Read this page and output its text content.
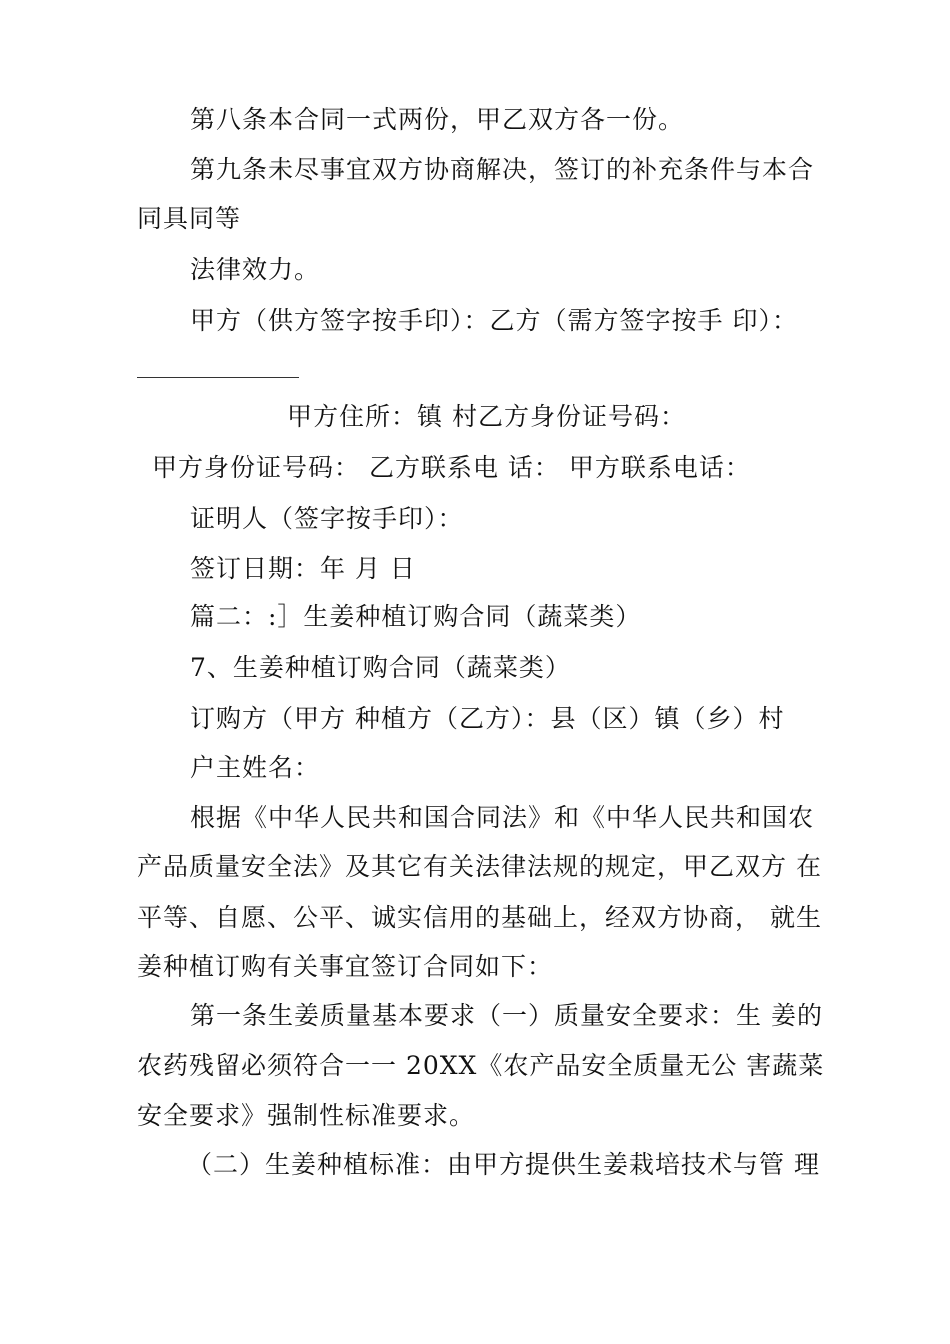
第八条本合同一式两份，甲乙双方各一份。
第九条未尽事宜双方协商解决，签订的补充条件与本合
同具同等
法律效力。
甲方（供方签字按手印）：乙方（需方签字按手 印）：
甲方住所：镇 村乙方身份证号码：
甲方身份证号码： 乙方联系电 话： 甲方联系电话：
证明人（签字按手印）：
签订日期：年 月 日
篇二：:］生姜种植订购合同（蔬菜类）
7、生姜种植订购合同（蔬菜类）
订购方（甲方 种植方（乙方）：县（区）镇（乡）村
户主姓名：
根据《中华人民共和国合同法》和《中华人民共和国农
产品质量安全法》及其它有关法律法规的规定，甲乙双方 在
平等、自愿、公平、诚实信用的基础上，经双方协商， 就生
姜种植订购有关事宜签订合同如下：
第一条生姜质量基本要求（一）质量安全要求：生 姜的
农药残留必须符合一一 20XX《农产品安全质量无公 害蔬菜
安全要求》强制性标准要求。
（二）生姜种植标准：由甲方提供生姜栽培技术与管 理
